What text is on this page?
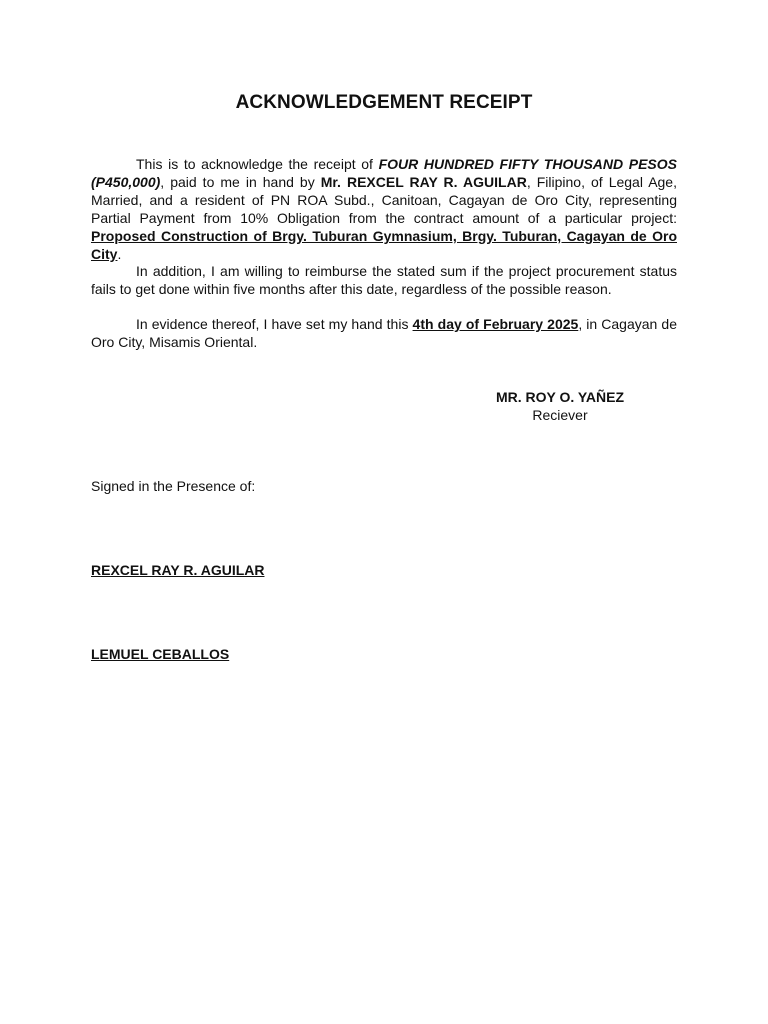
ACKNOWLEDGEMENT RECEIPT

This is to acknowledge the receipt of FOUR HUNDRED FIFTY THOUSAND PESOS (P450,000), paid to me in hand by Mr. REXCEL RAY R. AGUILAR, Filipino, of Legal Age, Married, and a resident of PN ROA Subd., Canitoan, Cagayan de Oro City, representing Partial Payment from 10% Obligation from the contract amount of a particular project: Proposed Construction of Brgy. Tuburan Gymnasium, Brgy. Tuburan, Cagayan de Oro City.

In addition, I am willing to reimburse the stated sum if the project procurement status fails to get done within five months after this date, regardless of the possible reason.

In evidence thereof, I have set my hand this 4th day of February 2025, in Cagayan de Oro City, Misamis Oriental.

MR. ROY O. YAÑEZ
Reciever
Signed in the Presence of:
REXCEL RAY R. AGUILAR
LEMUEL CEBALLOS
